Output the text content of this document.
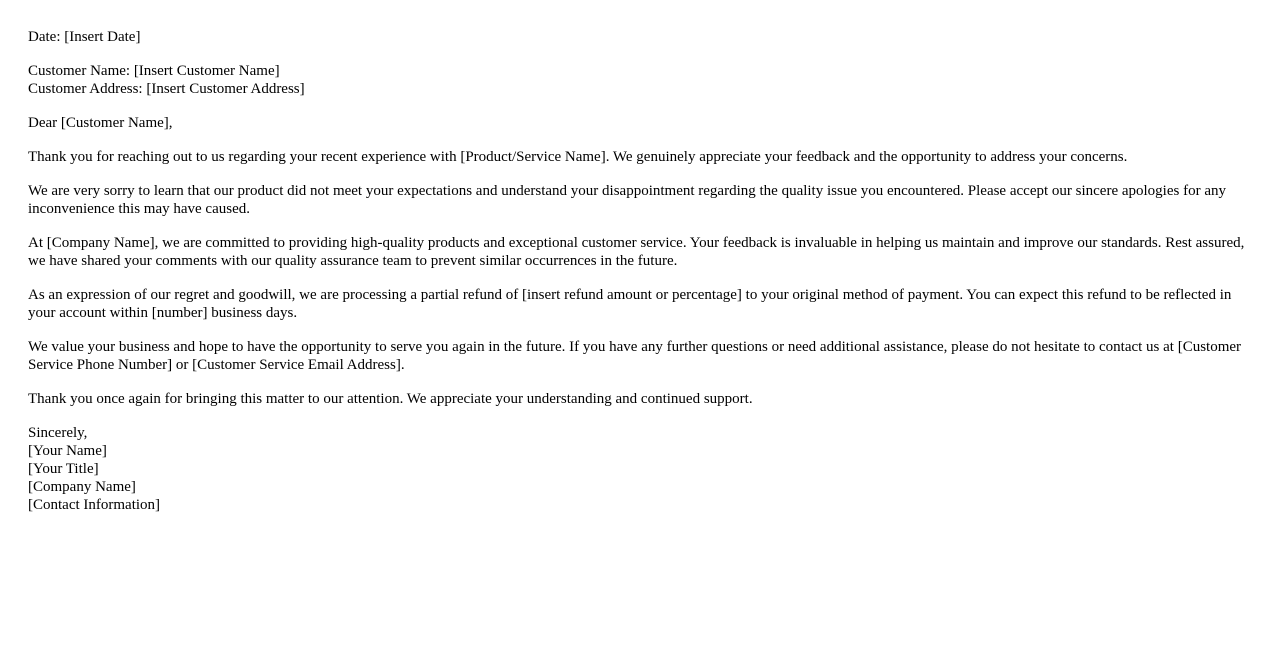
Date: [Insert Date]

Customer Name: [Insert Customer Name]
Customer Address: [Insert Customer Address]

Dear [Customer Name],

Thank you for reaching out to us regarding your recent experience with [Product/Service Name]. We genuinely appreciate your feedback and the opportunity to address your concerns.

We are very sorry to learn that our product did not meet your expectations and understand your disappointment regarding the quality issue you encountered. Please accept our sincere apologies for any inconvenience this may have caused.

At [Company Name], we are committed to providing high-quality products and exceptional customer service. Your feedback is invaluable in helping us maintain and improve our standards. Rest assured, we have shared your comments with our quality assurance team to prevent similar occurrences in the future.

As an expression of our regret and goodwill, we are processing a partial refund of [insert refund amount or percentage] to your original method of payment. You can expect this refund to be reflected in your account within [number] business days.

We value your business and hope to have the opportunity to serve you again in the future. If you have any further questions or need additional assistance, please do not hesitate to contact us at [Customer Service Phone Number] or [Customer Service Email Address].

Thank you once again for bringing this matter to our attention. We appreciate your understanding and continued support.

Sincerely,
[Your Name]
[Your Title]
[Company Name]
[Contact Information]
